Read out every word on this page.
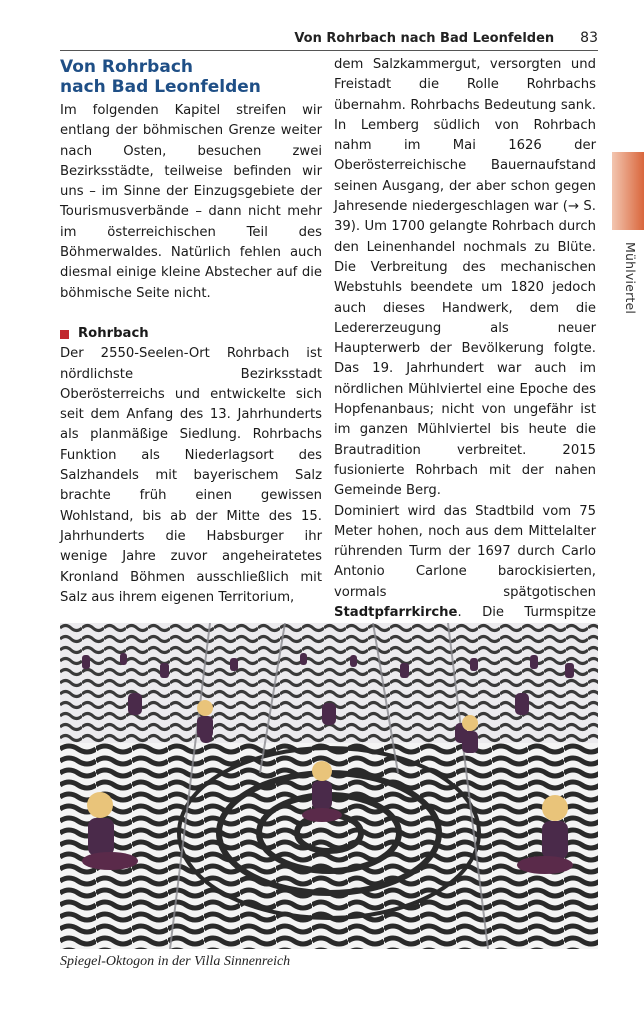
Von Rohrbach nach Bad Leonfelden 83
Mühlviertel
Von Rohrbach
nach Bad Leonfelden

Im folgenden Kapitel streifen wir entlang der böhmischen Grenze weiter nach Osten, besuchen zwei Bezirksstädte, teilweise befinden wir uns – im Sinne der Einzugsgebiete der Tourismusverbände – dann nicht mehr im österreichischen Teil des Böhmerwaldes. Natürlich fehlen auch diesmal einige kleine Abstecher auf die böhmische Seite nicht.

Rohrbach

Der 2550-Seelen-Ort Rohrbach ist nördlichste Bezirksstadt Oberösterreichs und entwickelte sich seit dem Anfang des 13. Jahrhunderts als planmäßige Siedlung. Rohrbachs Funktion als Niederlagsort des Salzhandels mit bayerischem Salz brachte früh einen gewissen Wohlstand, bis ab der Mitte des 15. Jahrhunderts die Habsburger ihr wenige Jahre zuvor angeheiratetes Kronland Böhmen ausschließlich mit Salz aus ihrem eigenen Territorium,

dem Salzkammergut, versorgten und Freistadt die Rolle Rohrbachs übernahm. Rohrbachs Bedeutung sank. In Lemberg südlich von Rohrbach nahm im Mai 1626 der Oberösterreichische Bauernaufstand seinen Ausgang, der aber schon gegen Jahresende niedergeschlagen war (→ S. 39). Um 1700 gelangte Rohrbach durch den Leinenhandel nochmals zu Blüte. Die Verbreitung des mechanischen Webstuhls beendete um 1820 jedoch auch dieses Handwerk, dem die Ledererzeugung als neuer Haupterwerb der Bevölkerung folgte. Das 19. Jahrhundert war auch im nördlichen Mühlviertel eine Epoche des Hopfenanbaus; nicht von ungefähr ist im ganzen Mühlviertel bis heute die Brautradition verbreitet. 2015 fusionierte Rohrbach mit der nahen Gemeinde Berg.

Dominiert wird das Stadtbild vom 75 Meter hohen, noch aus dem Mittelalter rührenden Turm der 1697 durch Carlo Antonio Carlone barockisierten, vormals spätgotischen Stadtpfarrkirche. Die Turmspitze

Spiegel-Oktogon in der Villa Sinnenreich
